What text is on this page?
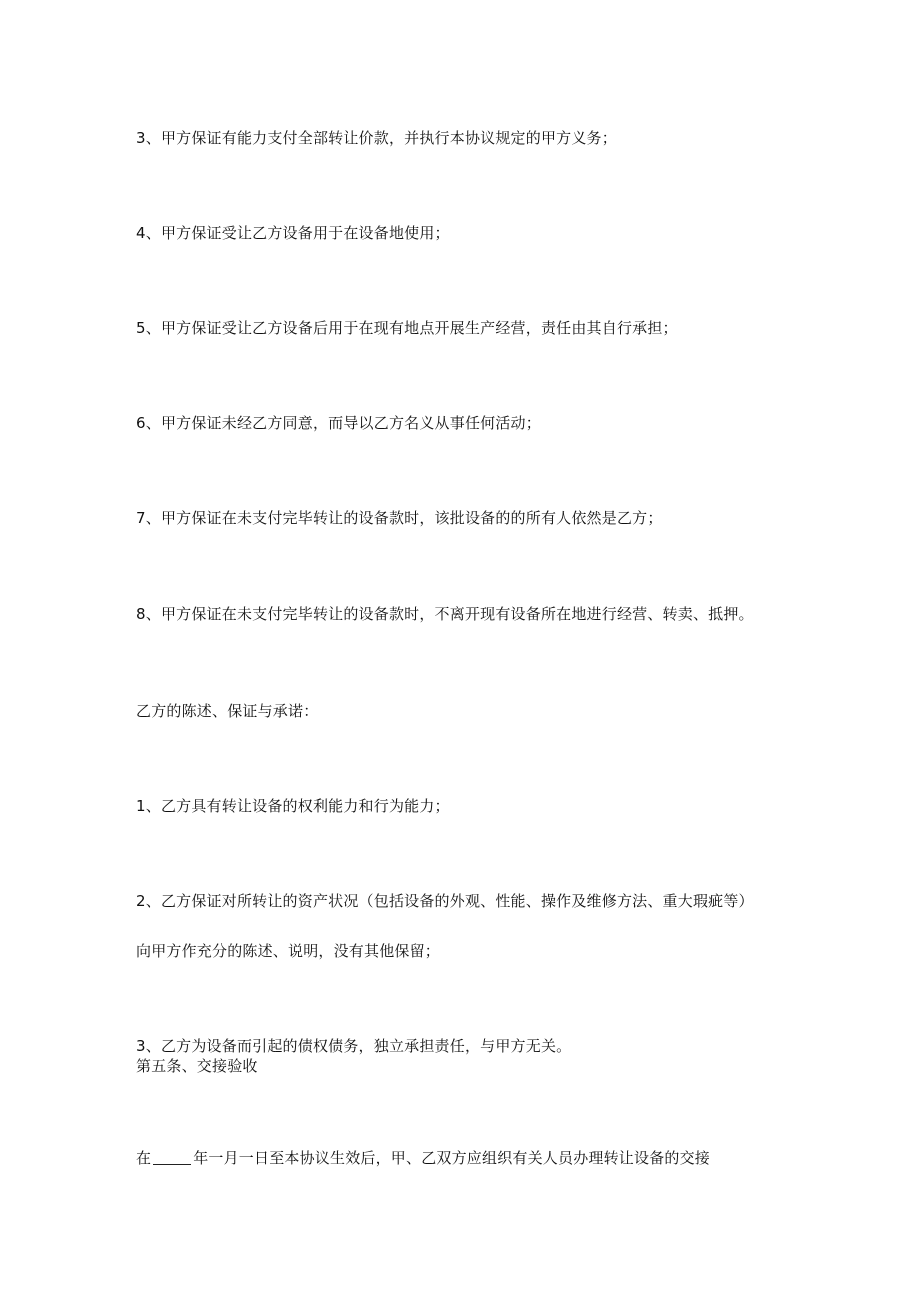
3、甲方保证有能力支付全部转让价款，并执行本协议规定的甲方义务；
4、甲方保证受让乙方设备用于在设备地使用；
5、甲方保证受让乙方设备后用于在现有地点开展生产经营，责任由其自行承担；
6、甲方保证未经乙方同意，而导以乙方名义从事任何活动；
7、甲方保证在未支付完毕转让的设备款时，该批设备的的所有人依然是乙方；
8、甲方保证在未支付完毕转让的设备款时，不离开现有设备所在地进行经营、转卖、抵押。
乙方的陈述、保证与承诺：
1、乙方具有转让设备的权利能力和行为能力；
2、乙方保证对所转让的资产状况（包括设备的外观、性能、操作及维修方法、重大瑕疵等）
向甲方作充分的陈述、说明，没有其他保留；
3、乙方为设备而引起的债权债务，独立承担责任，与甲方无关。
第五条、交接验收
在	年一月一日至本协议生效后，甲、乙双方应组织有关人员办理转让设备的交接
